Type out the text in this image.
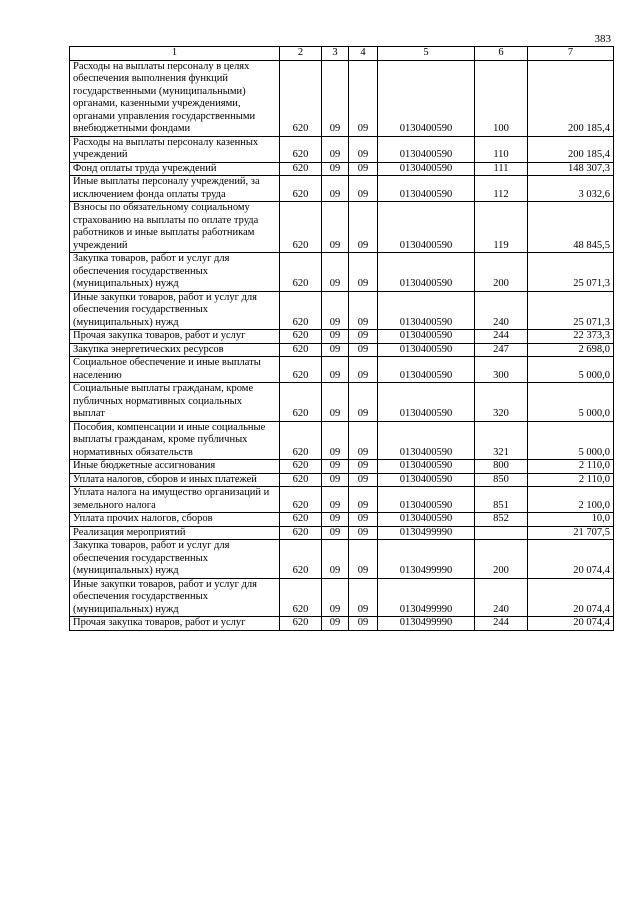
383
1	2	3	4	5	6	7
Расходы на выплаты персоналу в целях обеспечения выполнения функций государственными (муниципальными) органами, казенными учреждениями, органами управления государственными внебюджетными фондами	620	09	09	0130400590	100	200 185,4
Расходы на выплаты персоналу казенных учреждений	620	09	09	0130400590	110	200 185,4
Фонд оплаты труда учреждений	620	09	09	0130400590	111	148 307,3
Иные выплаты персоналу учреждений, за исключением фонда оплаты труда	620	09	09	0130400590	112	3 032,6
Взносы по обязательному социальному страхованию на выплаты по оплате труда работников и иные выплаты работникам учреждений	620	09	09	0130400590	119	48 845,5
Закупка товаров, работ и услуг для обеспечения государственных (муниципальных) нужд	620	09	09	0130400590	200	25 071,3
Иные закупки товаров, работ и услуг для обеспечения государственных (муниципальных) нужд	620	09	09	0130400590	240	25 071,3
Прочая закупка товаров, работ и услуг	620	09	09	0130400590	244	22 373,3
Закупка энергетических ресурсов	620	09	09	0130400590	247	2 698,0
Социальное обеспечение и иные выплаты населению	620	09	09	0130400590	300	5 000,0
Социальные выплаты гражданам, кроме публичных нормативных социальных выплат	620	09	09	0130400590	320	5 000,0
Пособия, компенсации и иные социальные выплаты гражданам, кроме публичных нормативных обязательств	620	09	09	0130400590	321	5 000,0
Иные бюджетные ассигнования	620	09	09	0130400590	800	2 110,0
Уплата налогов, сборов и иных платежей	620	09	09	0130400590	850	2 110,0
Уплата налога на имущество организаций и земельного налога	620	09	09	0130400590	851	2 100,0
Уплата прочих налогов, сборов	620	09	09	0130400590	852	10,0
Реализация мероприятий	620	09	09	0130499990		21 707,5
Закупка товаров, работ и услуг для обеспечения государственных (муниципальных) нужд	620	09	09	0130499990	200	20 074,4
Иные закупки товаров, работ и услуг для обеспечения государственных (муниципальных) нужд	620	09	09	0130499990	240	20 074,4
Прочая закупка товаров, работ и услуг	620	09	09	0130499990	244	20 074,4
